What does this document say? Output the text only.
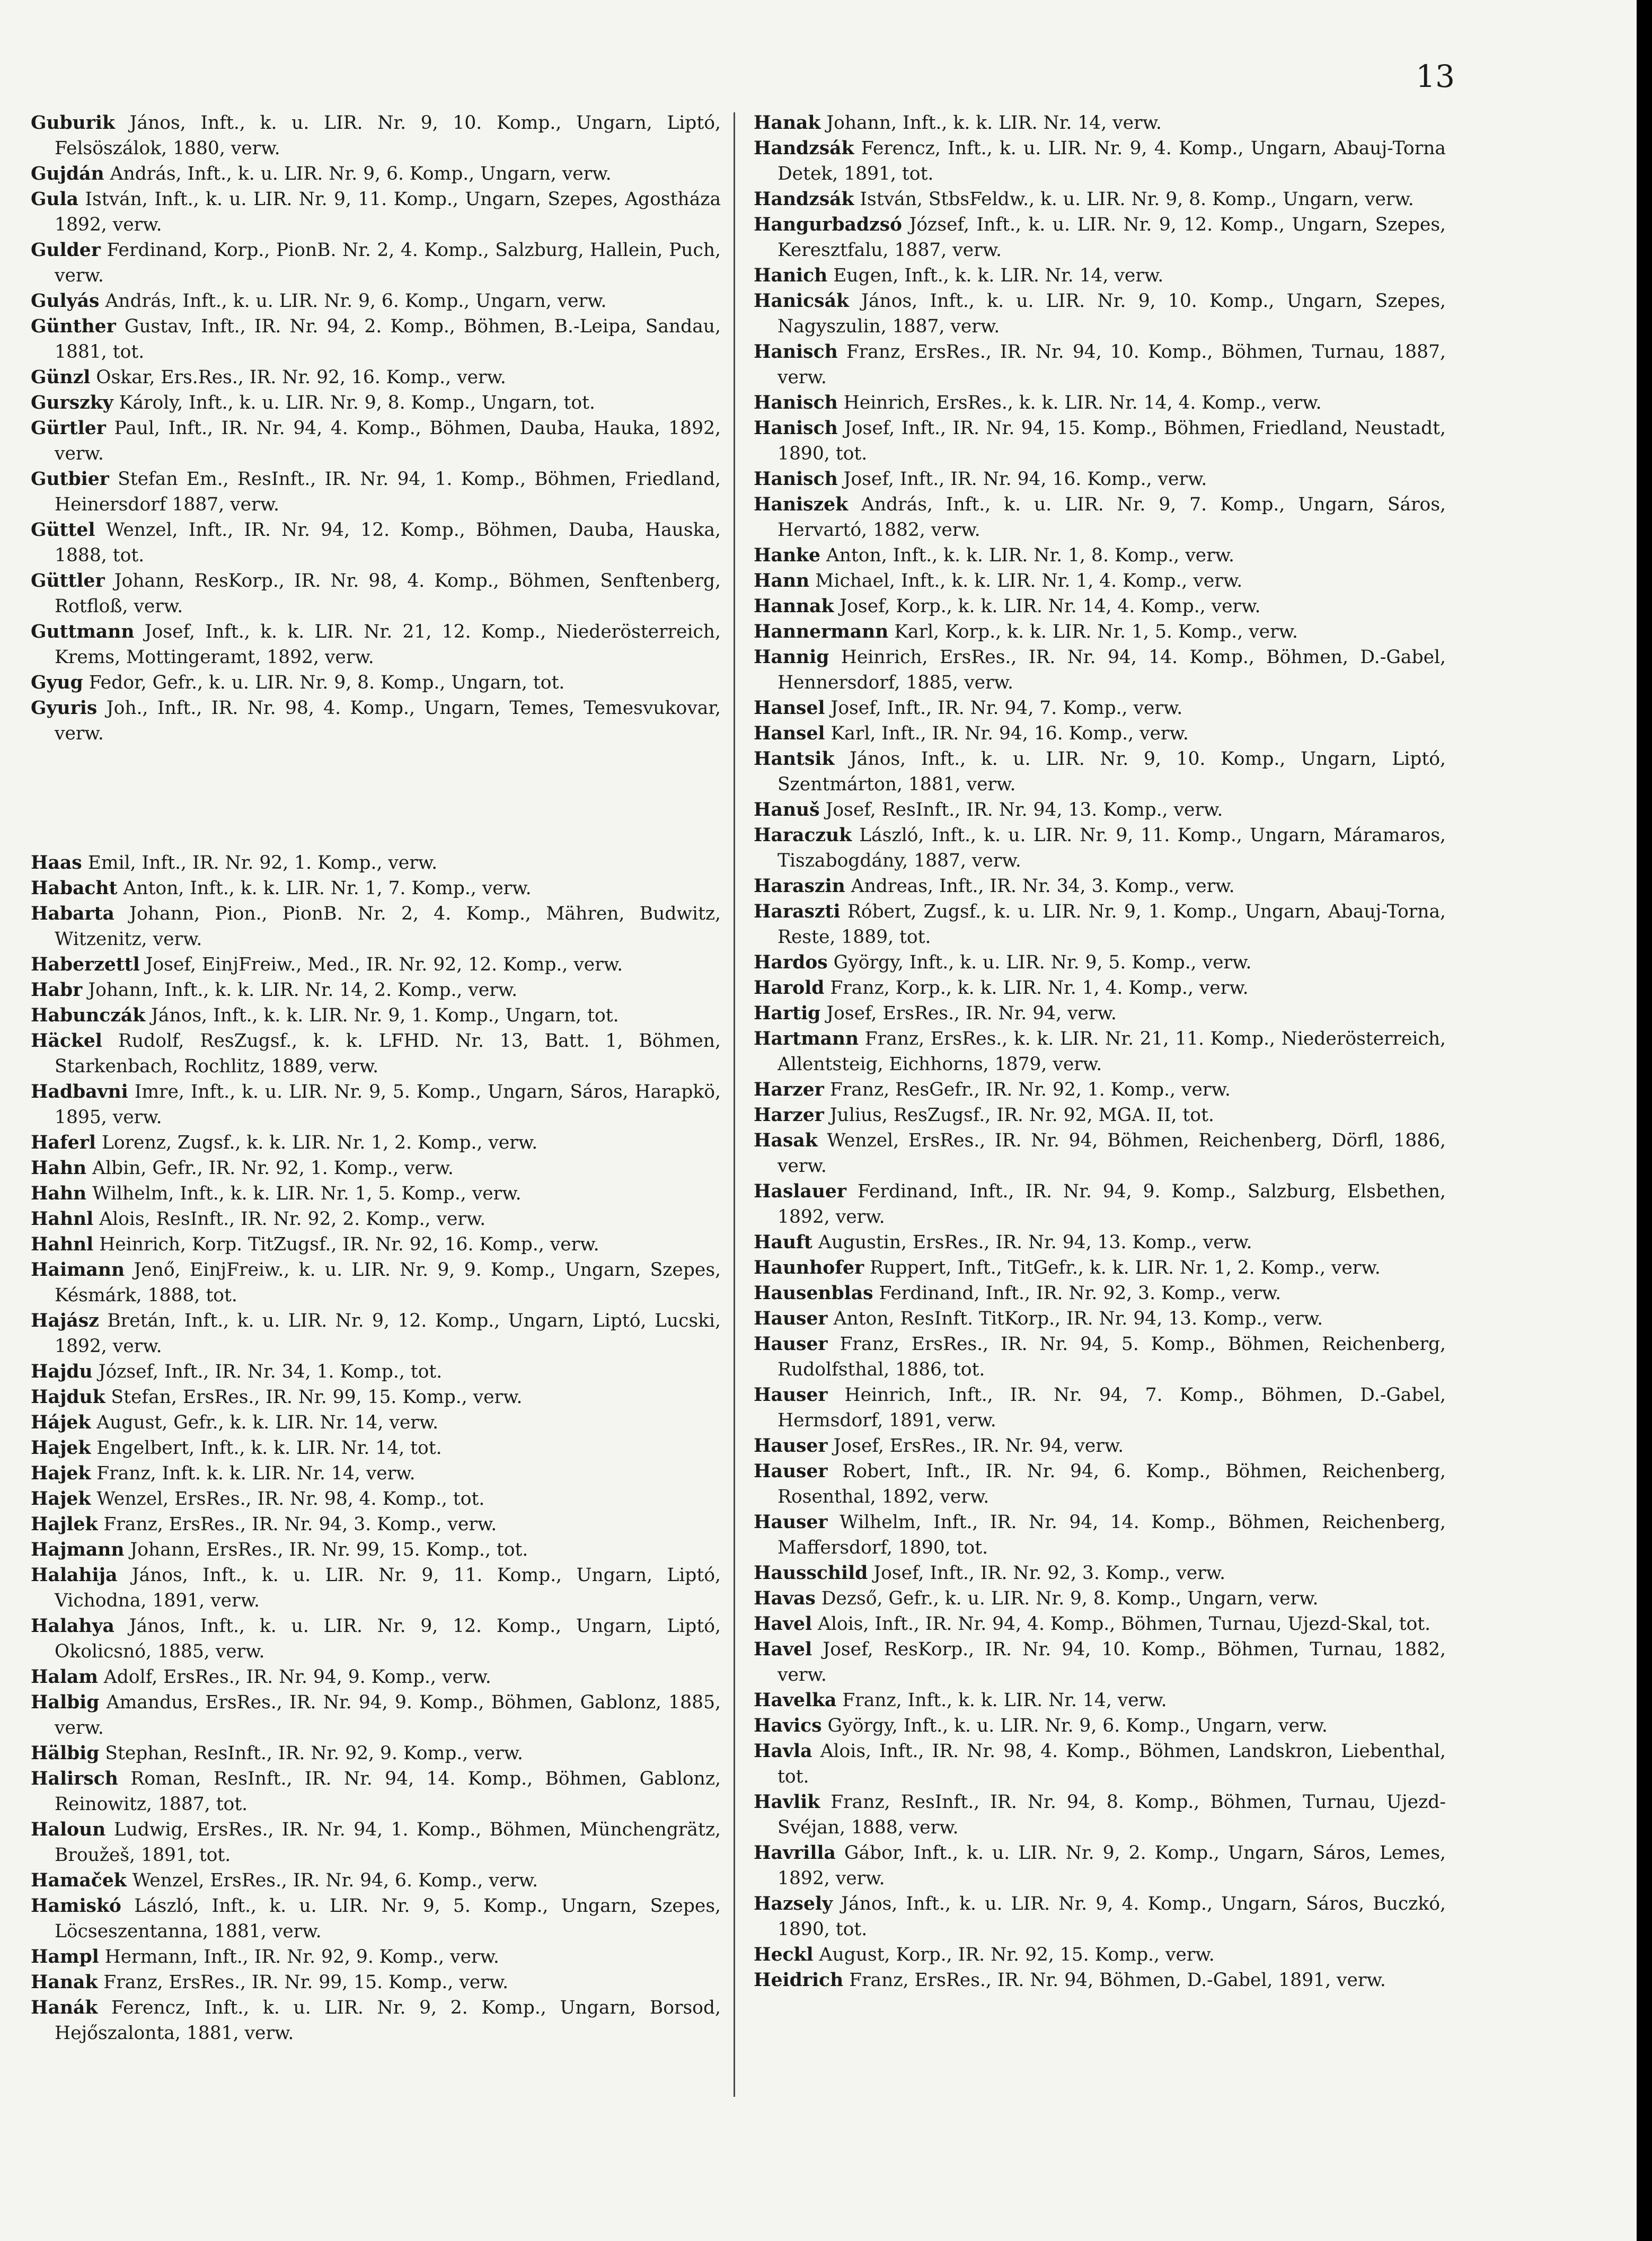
13
Guburik János, Inft., k. u. LIR. Nr. 9, 10. Komp., Ungarn, Liptó, Felsöszálok, 1880, verw.
Gujdán András, Inft., k. u. LIR. Nr. 9, 6. Komp., Ungarn, verw.
Gula István, Inft., k. u. LIR. Nr. 9, 11. Komp., Ungarn, Szepes, Agostháza 1892, verw.
Gulder Ferdinand, Korp., PionB. Nr. 2, 4. Komp., Salzburg, Hallein, Puch, verw.
Gulyás András, Inft., k. u. LIR. Nr. 9, 6. Komp., Ungarn, verw.
Günther Gustav, Inft., IR. Nr. 94, 2. Komp., Böhmen, B.-Leipa, Sandau, 1881, tot.
Günzl Oskar, Ers.Res., IR. Nr. 92, 16. Komp., verw.
Gurszky Károly, Inft., k. u. LIR. Nr. 9, 8. Komp., Ungarn, tot.
Gürtler Paul, Inft., IR. Nr. 94, 4. Komp., Böhmen, Dauba, Hauka, 1892, verw.
Gutbier Stefan Em., ResInft., IR. Nr. 94, 1. Komp., Böhmen, Friedland, Heinersdorf 1887, verw.
Güttel Wenzel, Inft., IR. Nr. 94, 12. Komp., Böhmen, Dauba, Hauska, 1888, tot.
Güttler Johann, ResKorp., IR. Nr. 98, 4. Komp., Böhmen, Senftenberg, Rotfloß, verw.
Guttmann Josef, Inft., k. k. LIR. Nr. 21, 12. Komp., Niederösterreich, Krems, Mottingeramt, 1892, verw.
Gyug Fedor, Gefr., k. u. LIR. Nr. 9, 8. Komp., Ungarn, tot.
Gyuris Joh., Inft., IR. Nr. 98, 4. Komp., Ungarn, Temes, Temesvukovar, verw.
Haas Emil, Inft., IR. Nr. 92, 1. Komp., verw.
Habacht Anton, Inft., k. k. LIR. Nr. 1, 7. Komp., verw.
Habarta Johann, Pion., PionB. Nr. 2, 4. Komp., Mähren, Budwitz, Witzenitz, verw.
Haberzettl Josef, EinjFreiw., Med., IR. Nr. 92, 12. Komp., verw.
Habr Johann, Inft., k. k. LIR. Nr. 14, 2. Komp., verw.
Habunczák János, Inft., k. k. LIR. Nr. 9, 1. Komp., Ungarn, tot.
Häckel Rudolf, ResZugsf., k. k. LFHD. Nr. 13, Batt. 1, Böhmen, Starkenbach, Rochlitz, 1889, verw.
Hadbavni Imre, Inft., k. u. LIR. Nr. 9, 5. Komp., Ungarn, Sáros, Harapkö, 1895, verw.
Haferl Lorenz, Zugsf., k. k. LIR. Nr. 1, 2. Komp., verw.
Hahn Albin, Gefr., IR. Nr. 92, 1. Komp., verw.
Hahn Wilhelm, Inft., k. k. LIR. Nr. 1, 5. Komp., verw.
Hahnl Alois, ResInft., IR. Nr. 92, 2. Komp., verw.
Hahnl Heinrich, Korp. TitZugsf., IR. Nr. 92, 16. Komp., verw.
Haimann Jenő, EinjFreiw., k. u. LIR. Nr. 9, 9. Komp., Ungarn, Szepes, Késmárk, 1888, tot.
Hajász Bretán, Inft., k. u. LIR. Nr. 9, 12. Komp., Ungarn, Liptó, Lucski, 1892, verw.
Hajdu József, Inft., IR. Nr. 34, 1. Komp., tot.
Hajduk Stefan, ErsRes., IR. Nr. 99, 15. Komp., verw.
Hájek August, Gefr., k. k. LIR. Nr. 14, verw.
Hajek Engelbert, Inft., k. k. LIR. Nr. 14, tot.
Hajek Franz, Inft. k. k. LIR. Nr. 14, verw.
Hajek Wenzel, ErsRes., IR. Nr. 98, 4. Komp., tot.
Hajlek Franz, ErsRes., IR. Nr. 94, 3. Komp., verw.
Hajmann Johann, ErsRes., IR. Nr. 99, 15. Komp., tot.
Halahija János, Inft., k. u. LIR. Nr. 9, 11. Komp., Ungarn, Liptó, Vichodna, 1891, verw.
Halahya János, Inft., k. u. LIR. Nr. 9, 12. Komp., Ungarn, Liptó, Okolicsnó, 1885, verw.
Halam Adolf, ErsRes., IR. Nr. 94, 9. Komp., verw.
Halbig Amandus, ErsRes., IR. Nr. 94, 9. Komp., Böhmen, Gablonz, 1885, verw.
Hälbig Stephan, ResInft., IR. Nr. 92, 9. Komp., verw.
Halirsch Roman, ResInft., IR. Nr. 94, 14. Komp., Böhmen, Gablonz, Reinowitz, 1887, tot.
Haloun Ludwig, ErsRes., IR. Nr. 94, 1. Komp., Böhmen, Münchengrätz, Broužeš, 1891, tot.
Hamaček Wenzel, ErsRes., IR. Nr. 94, 6. Komp., verw.
Hamiskó László, Inft., k. u. LIR. Nr. 9, 5. Komp., Ungarn, Szepes, Löcseszentanna, 1881, verw.
Hampl Hermann, Inft., IR. Nr. 92, 9. Komp., verw.
Hanak Franz, ErsRes., IR. Nr. 99, 15. Komp., verw.
Hanák Ferencz, Inft., k. u. LIR. Nr. 9, 2. Komp., Ungarn, Borsod, Hejőszalonta, 1881, verw.
Hanak Johann, Inft., k. k. LIR. Nr. 14, verw.
Handzsák Ferencz, Inft., k. u. LIR. Nr. 9, 4. Komp., Ungarn, Abauj-Torna Detek, 1891, tot.
Handzsák István, StbsFeldw., k. u. LIR. Nr. 9, 8. Komp., Ungarn, verw.
Hangurbadzsó József, Inft., k. u. LIR. Nr. 9, 12. Komp., Ungarn, Szepes, Keresztfalu, 1887, verw.
Hanich Eugen, Inft., k. k. LIR. Nr. 14, verw.
Hanicsák János, Inft., k. u. LIR. Nr. 9, 10. Komp., Ungarn, Szepes, Nagyszulin, 1887, verw.
Hanisch Franz, ErsRes., IR. Nr. 94, 10. Komp., Böhmen, Turnau, 1887, verw.
Hanisch Heinrich, ErsRes., k. k. LIR. Nr. 14, 4. Komp., verw.
Hanisch Josef, Inft., IR. Nr. 94, 15. Komp., Böhmen, Friedland, Neustadt, 1890, tot.
Hanisch Josef, Inft., IR. Nr. 94, 16. Komp., verw.
Haniszek András, Inft., k. u. LIR. Nr. 9, 7. Komp., Ungarn, Sáros, Hervartó, 1882, verw.
Hanke Anton, Inft., k. k. LIR. Nr. 1, 8. Komp., verw.
Hann Michael, Inft., k. k. LIR. Nr. 1, 4. Komp., verw.
Hannak Josef, Korp., k. k. LIR. Nr. 14, 4. Komp., verw.
Hannermann Karl, Korp., k. k. LIR. Nr. 1, 5. Komp., verw.
Hannig Heinrich, ErsRes., IR. Nr. 94, 14. Komp., Böhmen, D.-Gabel, Hennersdorf, 1885, verw.
Hansel Josef, Inft., IR. Nr. 94, 7. Komp., verw.
Hansel Karl, Inft., IR. Nr. 94, 16. Komp., verw.
Hantsik János, Inft., k. u. LIR. Nr. 9, 10. Komp., Ungarn, Liptó, Szentmárton, 1881, verw.
Hanuš Josef, ResInft., IR. Nr. 94, 13. Komp., verw.
Haraczuk László, Inft., k. u. LIR. Nr. 9, 11. Komp., Ungarn, Máramaros, Tiszabogdány, 1887, verw.
Haraszin Andreas, Inft., IR. Nr. 34, 3. Komp., verw.
Haraszti Róbert, Zugsf., k. u. LIR. Nr. 9, 1. Komp., Ungarn, Abauj-Torna, Reste, 1889, tot.
Hardos György, Inft., k. u. LIR. Nr. 9, 5. Komp., verw.
Harold Franz, Korp., k. k. LIR. Nr. 1, 4. Komp., verw.
Hartig Josef, ErsRes., IR. Nr. 94, verw.
Hartmann Franz, ErsRes., k. k. LIR. Nr. 21, 11. Komp., Niederösterreich, Allentsteig, Eichhorns, 1879, verw.
Harzer Franz, ResGefr., IR. Nr. 92, 1. Komp., verw.
Harzer Julius, ResZugsf., IR. Nr. 92, MGA. II, tot.
Hasak Wenzel, ErsRes., IR. Nr. 94, Böhmen, Reichenberg, Dörfl, 1886, verw.
Haslauer Ferdinand, Inft., IR. Nr. 94, 9. Komp., Salzburg, Elsbethen, 1892, verw.
Hauft Augustin, ErsRes., IR. Nr. 94, 13. Komp., verw.
Haunhofer Ruppert, Inft., TitGefr., k. k. LIR. Nr. 1, 2. Komp., verw.
Hausenblas Ferdinand, Inft., IR. Nr. 92, 3. Komp., verw.
Hauser Anton, ResInft. TitKorp., IR. Nr. 94, 13. Komp., verw.
Hauser Franz, ErsRes., IR. Nr. 94, 5. Komp., Böhmen, Reichenberg, Rudolfsthal, 1886, tot.
Hauser Heinrich, Inft., IR. Nr. 94, 7. Komp., Böhmen, D.-Gabel, Hermsdorf, 1891, verw.
Hauser Josef, ErsRes., IR. Nr. 94, verw.
Hauser Robert, Inft., IR. Nr. 94, 6. Komp., Böhmen, Reichenberg, Rosenthal, 1892, verw.
Hauser Wilhelm, Inft., IR. Nr. 94, 14. Komp., Böhmen, Reichenberg, Maffersdorf, 1890, tot.
Hausschild Josef, Inft., IR. Nr. 92, 3. Komp., verw.
Havas Dezső, Gefr., k. u. LIR. Nr. 9, 8. Komp., Ungarn, verw.
Havel Alois, Inft., IR. Nr. 94, 4. Komp., Böhmen, Turnau, Ujezd-Skal, tot.
Havel Josef, ResKorp., IR. Nr. 94, 10. Komp., Böhmen, Turnau, 1882, verw.
Havelka Franz, Inft., k. k. LIR. Nr. 14, verw.
Havics György, Inft., k. u. LIR. Nr. 9, 6. Komp., Ungarn, verw.
Havla Alois, Inft., IR. Nr. 98, 4. Komp., Böhmen, Landskron, Liebenthal, tot.
Havlik Franz, ResInft., IR. Nr. 94, 8. Komp., Böhmen, Turnau, Ujezd-Svéjan, 1888, verw.
Havrilla Gábor, Inft., k. u. LIR. Nr. 9, 2. Komp., Ungarn, Sáros, Lemes, 1892, verw.
Hazsely János, Inft., k. u. LIR. Nr. 9, 4. Komp., Ungarn, Sáros, Buczkó, 1890, tot.
Heckl August, Korp., IR. Nr. 92, 15. Komp., verw.
Heidrich Franz, ErsRes., IR. Nr. 94, Böhmen, D.-Gabel, 1891, verw.
